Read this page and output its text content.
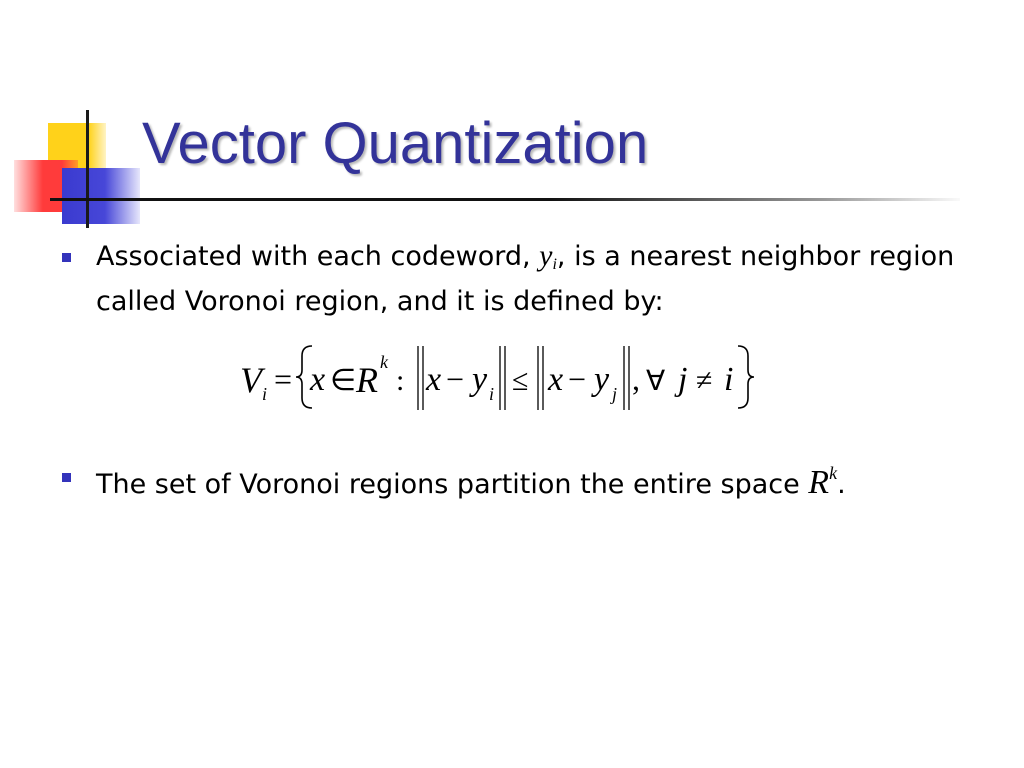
Vector Quantization
Associated with each codeword, yi, is a nearest neighbor region called Voronoi region, and it is defined by:
V i = x ∈ R k
: x − y i ≤ x − y j , ∀ j ≠ i
The set of Voronoi regions partition the entire space $R^k$.
